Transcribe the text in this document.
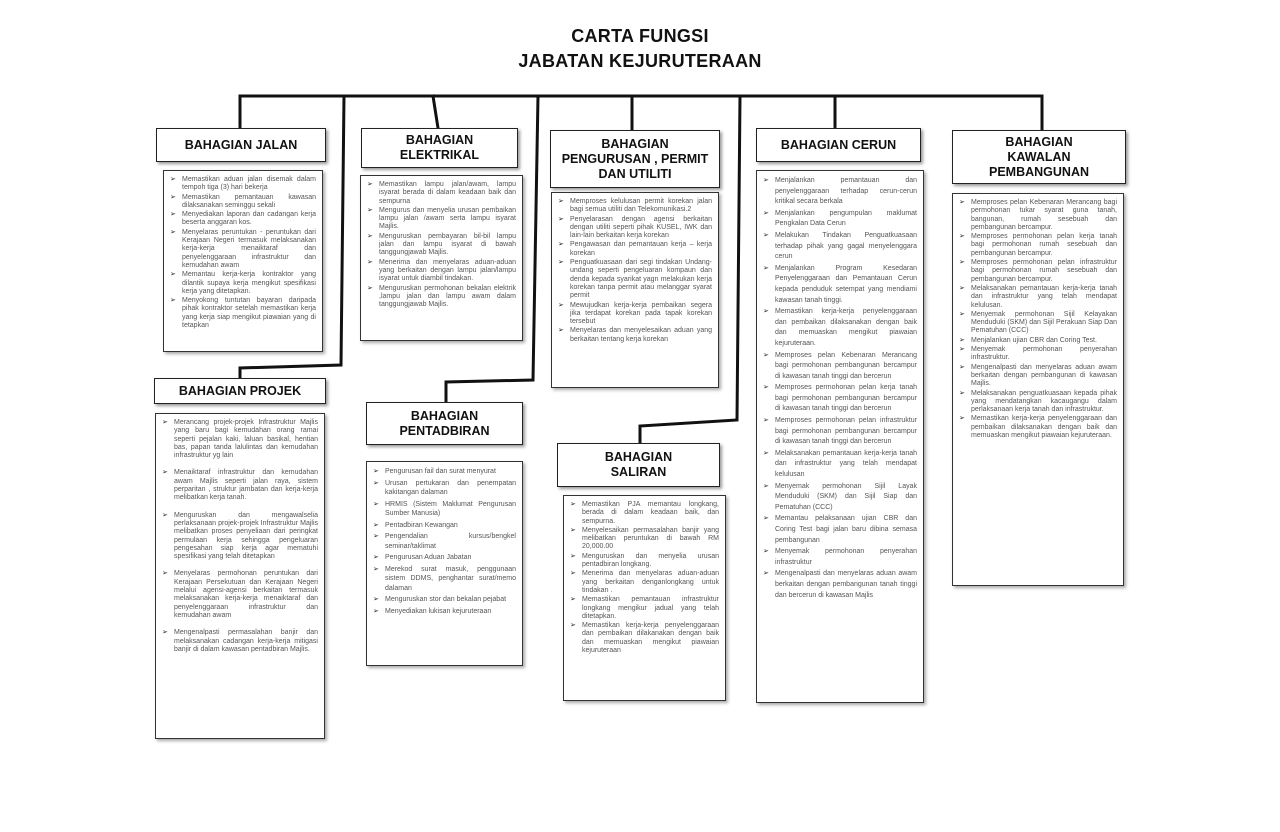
CARTA FUNGSI
JABATAN KEJURUTERAAN
BAHAGIAN JALAN	BAHAGIAN ELEKTRIKAL
BAHAGIAN PENGURUSAN , PERMIT DAN UTILITI
BAHAGIAN CERUN	BAHAGIAN KAWALAN PEMBANGUNAN
BAHAGIAN PROJEK
BAHAGIAN PENTADBIRAN
BAHAGIAN SALIRAN
➢ Memastikan aduan jalan disemak dalam tempoh tiga (3) hari bekerja
➢ Memastikan pemantauan kawasan dilaksanakan seminggu sekali
➢ Menyediakan laporan dan cadangan kerja beserta anggaran kos.
➢ Menyelaras peruntukan - peruntukan dari Kerajaan Negeri termasuk melaksanakan kerja-kerja menaiktaraf dan penyelenggaraan infrastruktur dan kemudahan awam
➢ Memantau kerja-kerja kontraktor yang dilantik supaya kerja mengikut spesifikasi kerja yang ditetapkan.
➢ Menyokong tuntutan bayaran daripada pihak kontraktor setelah memastikan kerja yang kerja siap mengikut piawaian yang di tetapkan
➢ Memastikan lampu jalan/awam, lampu isyarat berada di dalam keadaan baik dan sempurna
➢ Mengurus dan menyelia urusan pembaikan lampu jalan /awam serta lampu isyarat Majlis.
➢ Menguruskan pembayaran bil-bil lampu jalan dan lampu isyarat di bawah tanggungjawab Majlis.
➢ Menerima dan menyelaras aduan-aduan yang berkaitan dengan lampu jalan/lampu isyarat untuk diambil tindakan.
➢ Menguruskan permohonan bekalan elektrik ,lampu jalan dan lampu awam dalam tanggungjawab Majlis.
➢ Memproses kelulusan permit korekan jalan bagi semua utiliti dan Telekomunikasi.2
➢ Penyelarasan dengan agensi berkaitan dengan utiliti seperti pihak KUSEL, IWK dan lain-lain berkaitan kerja korekan
➢ Pengawasan dan pemantauan kerja – kerja korekan
➢ Penguatkuasaan dari segi tindakan Undang-undang seperti pengeluaran kompaun dan denda kepada syarikat yagn melakukan kerja korekan tanpa permit atau melanggar syarat permit
➢ Mewujudkan kerja-kerja pembaikan segera jika terdapat korekan pada tapak korekan tersebut
➢ Menyelaras dan menyelesaikan aduan yang berkaitan tentang kerja korekan
➢ Menjalankan pemantauan dan penyelenggaraan terhadap cerun-cerun kritikal secara berkala
➢ Menjalankan pengumpulan maklumat Pengkalan Data Cerun
➢ Melakukan Tindakan Penguatkuasaan terhadap pihak yang gagal menyelenggara cerun
➢ Menjalankan Program Kesedaran Penyelenggaraan dan Pemantauan Cerun kepada penduduk setempat yang mendiami kawasan tanah tinggi.
➢ Memastikan kerja-kerja penyelenggaraan dan pembaikan dilaksanakan dengan baik dan memuaskan mengikut piawaian kejuruteraan.
➢ Memproses pelan Kebenaran Merancang bagi permohonan pembangunan bercampur di kawasan tanah tinggi dan bercerun
➢ Memproses permohonan pelan kerja tanah bagi permohonan pembangunan bercampur di kawasan tanah tinggi dan bercerun
➢ Memproses permohonan pelan infrastruktur bagi permohonan pembangunan bercampur di kawasan tanah tinggi dan bercerun
➢ Melaksanakan pemantauan kerja-kerja tanah dan infrastruktur yang telah mendapat kelulusan
➢ Menyemak permohonan Sijil Layak Menduduki (SKM) dan Sijil Siap dan Pematuhan (CCC)
➢ Memantau pelaksanaan ujian CBR dan Coring Test bagi jalan baru dibina semasa pembangunan
➢ Menyemak permohonan penyerahan infrastruktur
➢ Mengenalpasti dan menyelaras aduan awam berkaitan dengan pembangunan tanah tinggi dan bercerun di kawasan Majlis
➢ Memproses pelan Kebenaran Merancang bagi permohonan tukar syarat guna tanah, bangunan, rumah sesebuah dan pembangunan bercampur.
➢ Memproses permohonan pelan kerja tanah bagi permohonan rumah sesebuah dan pembangunan bercampur.
➢ Memproses permohonan pelan infrastruktur bagi permohonan rumah sesebuah dan pembangunan bercampur.
➢ Melaksanakan pemantauan kerja-kerja tanah dan infrastruktur yang telah mendapat kelulusan.
➢ Menyemak permohonan Sijil Kelayakan Menduduki (SKM) dan Sijil Perakuan Siap Dan Pematuhan (CCC)
➢ Menjalankan ujian CBR dan Coring Test.
➢ Menyemak permohonan penyerahan infrastruktur.
➢ Mengenalpasti dan menyelaras aduan awam berkaitan dengan pembangunan di kawasan Majlis.
➢ Melaksanakan penguatkuasaan kepada pihak yang mendatangkan kacaugangu dalam perlaksanaan kerja tanah dan infrastruktur.
➢ Memastikan kerja-kerja penyelenggaraan dan pembaikan dilaksanakan dengan baik dan memuaskan mengikut piawaian kejuruteraan.
➢ Merancang projek-projek Infrastruktur Majlis yang baru bagi kemudahan orang ramai seperti pejalan kaki, laluan basikal, hentian bas, papan tanda lalulintas dan kemudahan infrastruktur yg lain
➢ Menaiktaraf infrastruktur dan kemudahan awam Majlis seperti jalan raya, sistem perparitan , struktur jambatan dan kerja-kerja melibatkan kerja tanah.
➢ Menguruskan dan mengawalselia perlaksanaan projek-projek Infrastruktur Majlis melibatkan proses penyeliaan dari peringkat permulaan kerja sehingga pengeluaran pengesahan siap kerja agar mematuhi spesifikasi yang telah ditetapkan
➢ Menyelaras permohonan peruntukan dari Kerajaan Persekutuan dan Kerajaan Negeri melalui agensi-agensi berkaitan termasuk melaksanakan kerja-kerja menaiktaraf dan penyelenggaraan infrastruktur dan kemudahan awam
➢ Mengenalpasti permasalahan banjir dan melaksanakan cadangan kerja-kerja mitigasi banjir di dalam kawasan pentadbiran Majlis.
➢ Pengurusan fail dan surat menyurat
➢ Urusan pertukaran dan penempatan kakitangan dalaman
➢ HRMIS (Sistem Maklumat Pengurusan Sumber Manusia)
➢ Pentadbiran Kewangan
➢ Pengendalian kursus/bengkel seminar/taklimat
➢ Pengurusan Aduan Jabatan
➢ Merekod surat masuk, penggunaan sistem DDMS, penghantar surat/memo dalaman
➢ Menguruskan stor dan bekalan pejabat
➢ Menyediakan lukisan kejuruteraan
➢ Memastikan PJA memantau longkang, berada di dalam keadaan baik, dan sempurna.
➢ Menyelesaikan permasalahan banjir yang melibatkan peruntukan di bawah RM 20,000.00
➢ Menguruskan dan menyelia urusan pentadbiran longkang.
➢ Menerima dan menyelaras aduan-aduan yang berkaitan denganlongkang untuk tindakan .
➢ Memastikan pemantauan infrastruktur longkang mengikur jadual yang telah ditetapkan.
➢ Memastikan kerja-kerja penyelenggaraan dan pembaikan dilakanakan dengan baik dan memuaskan mengikut piawaian kejuruteraan
